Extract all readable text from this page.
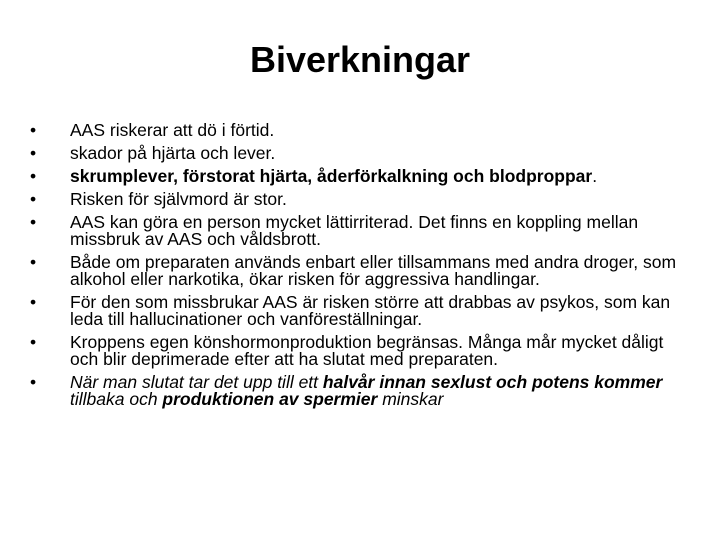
Biverkningar
• AAS riskerar att dö i förtid.
• skador på hjärta och lever.
• skrumplever, förstorat hjärta, åderförkalkning och blodproppar.
• Risken för självmord är stor.
• AAS kan göra en person mycket lättirriterad. Det finns en koppling mellan missbruk av AAS och våldsbrott.
• Både om preparaten används enbart eller tillsammans med andra droger, som alkohol eller narkotika, ökar risken för aggressiva handlingar.
• För den som missbrukar AAS är risken större att drabbas av psykos, som kan leda till hallucinationer och vanföreställningar.
• Kroppens egen könshormonproduktion begränsas. Många mår mycket dåligt och blir deprimerade efter att ha slutat med preparaten.
• När man slutat tar det upp till ett halvår innan sexlust och potens kommer tillbaka och produktionen av spermier minskar
